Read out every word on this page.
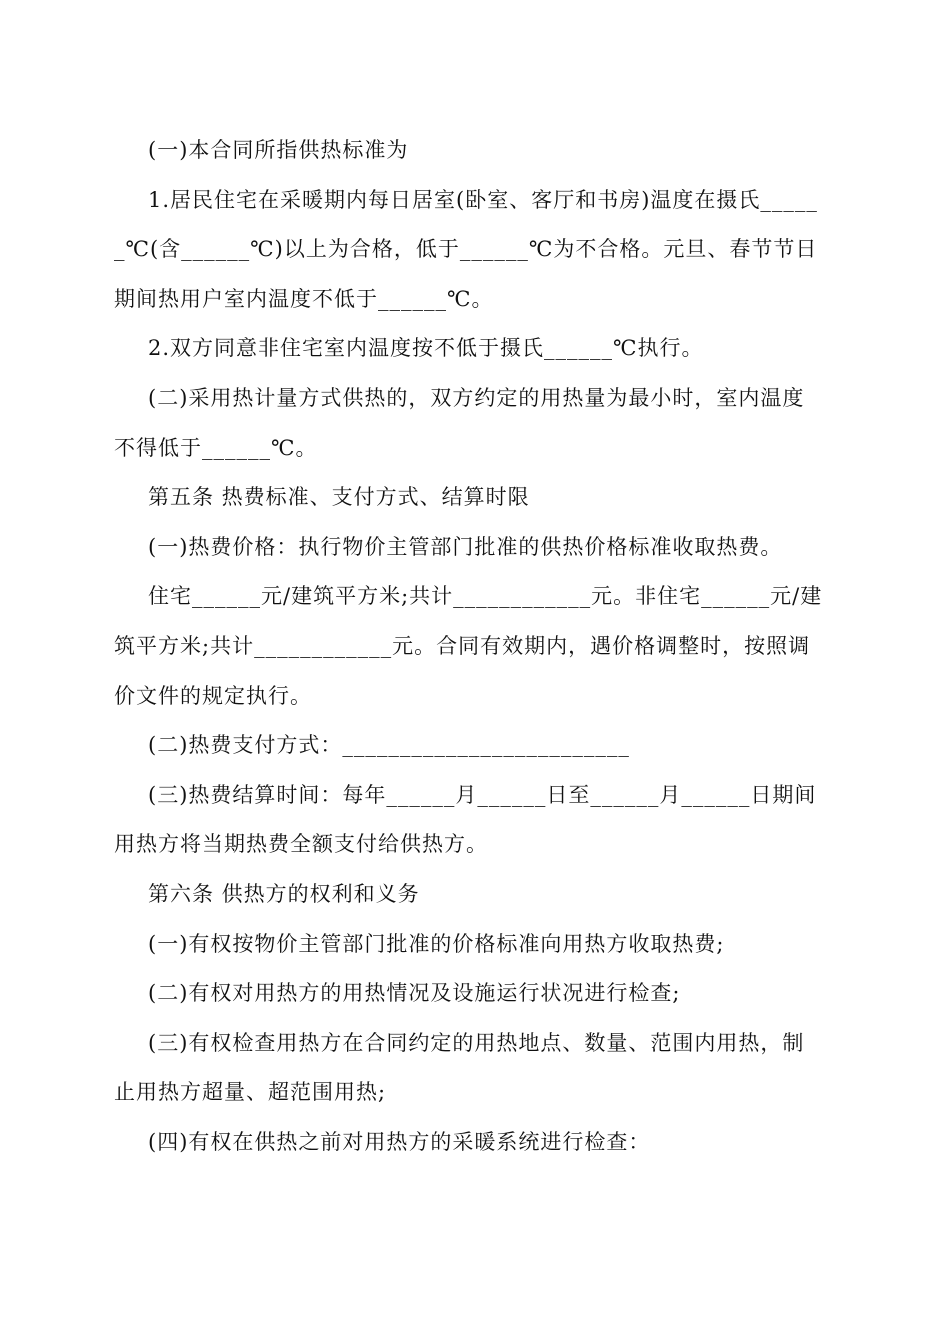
(一)本合同所指供热标准为

1.居民住宅在采暖期内每日居室(卧室、客厅和书房)温度在摄氏_____
_℃(含______℃)以上为合格，低于______℃为不合格。元旦、春节节日
期间热用户室内温度不低于______℃。

2.双方同意非住宅室内温度按不低于摄氏______℃执行。

(二)采用热计量方式供热的，双方约定的用热量为最小时，室内温度
不得低于______℃。

第五条 热费标准、支付方式、结算时限

(一)热费价格：执行物价主管部门批准的供热价格标准收取热费。

住宅______元/建筑平方米;共计____________元。非住宅______元/建
筑平方米;共计____________元。合同有效期内，遇价格调整时，按照调
价文件的规定执行。

(二)热费支付方式：_________________________

(三)热费结算时间：每年______月______日至______月______日期间
用热方将当期热费全额支付给供热方。

第六条 供热方的权利和义务

(一)有权按物价主管部门批准的价格标准向用热方收取热费;

(二)有权对用热方的用热情况及设施运行状况进行检查;

(三)有权检查用热方在合同约定的用热地点、数量、范围内用热，制
止用热方超量、超范围用热;

(四)有权在供热之前对用热方的采暖系统进行检查：
